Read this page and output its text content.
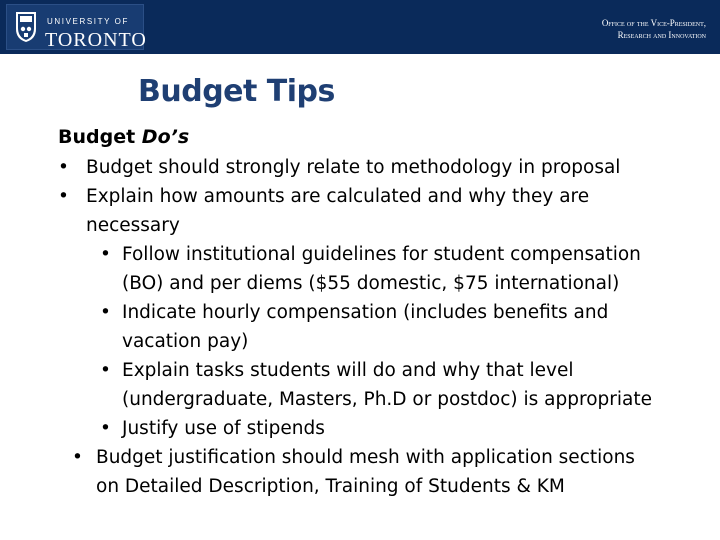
UNIVERSITY OF
TORONTO
Office of the Vice-President,
Research and Innovation
Budget Tips
Budget Do’s
• Budget should strongly relate to methodology in proposal
• Explain how amounts are calculated and why they are
necessary
• Follow institutional guidelines for student compensation
(BO) and per diems ($55 domestic, $75 international)
• Indicate hourly compensation (includes benefits and
vacation pay)
• Explain tasks students will do and why that level
(undergraduate, Masters, Ph.D or postdoc) is appropriate
• Justify use of stipends
• Budget justification should mesh with application sections
on Detailed Description, Training of Students & KM
